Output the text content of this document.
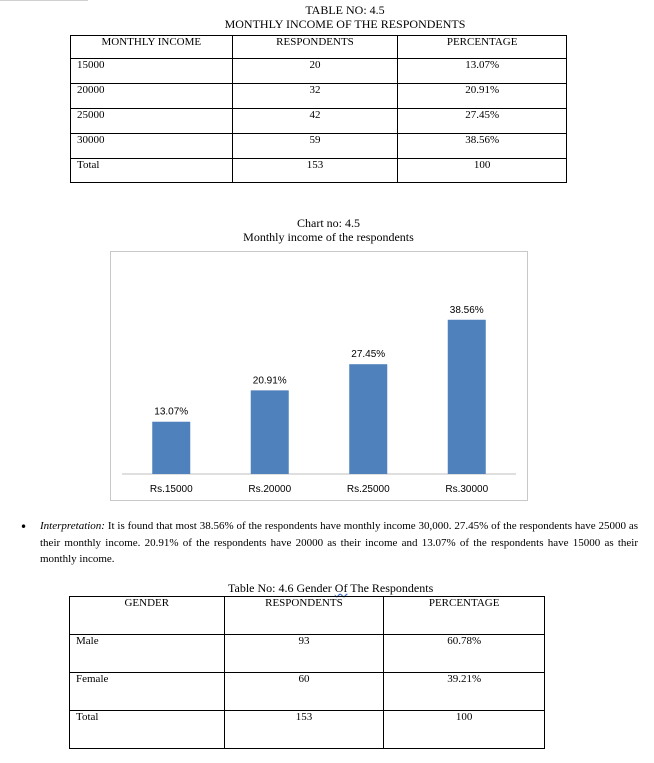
TABLE NO: 4.5
MONTHLY INCOME OF THE RESPONDENTS
MONTHLY INCOME	RESPONDENTS	PERCENTAGE
15000	20	13.07%
20000	32	20.91%
25000	42	27.45%
30000	59	38.56%
Total	153	100
Chart no: 4.5
Monthly income of the respondents
13.07%
Rs.15000
20.91%
Rs.20000
27.45%
Rs.25000
38.56%
Rs.30000
• Interpretation: It is found that most 38.56% of the respondents have monthly income 30,000. 27.45% of the respondents have 25000 as their monthly income. 20.91% of the respondents have 20000 as their income and 13.07% of the respondents have 15000 as their monthly income.
Table No: 4.6 Gender Of The Respondents
GENDER	RESPONDENTS	PERCENTAGE
Male	93	60.78%
Female	60	39.21%
Total	153	100
